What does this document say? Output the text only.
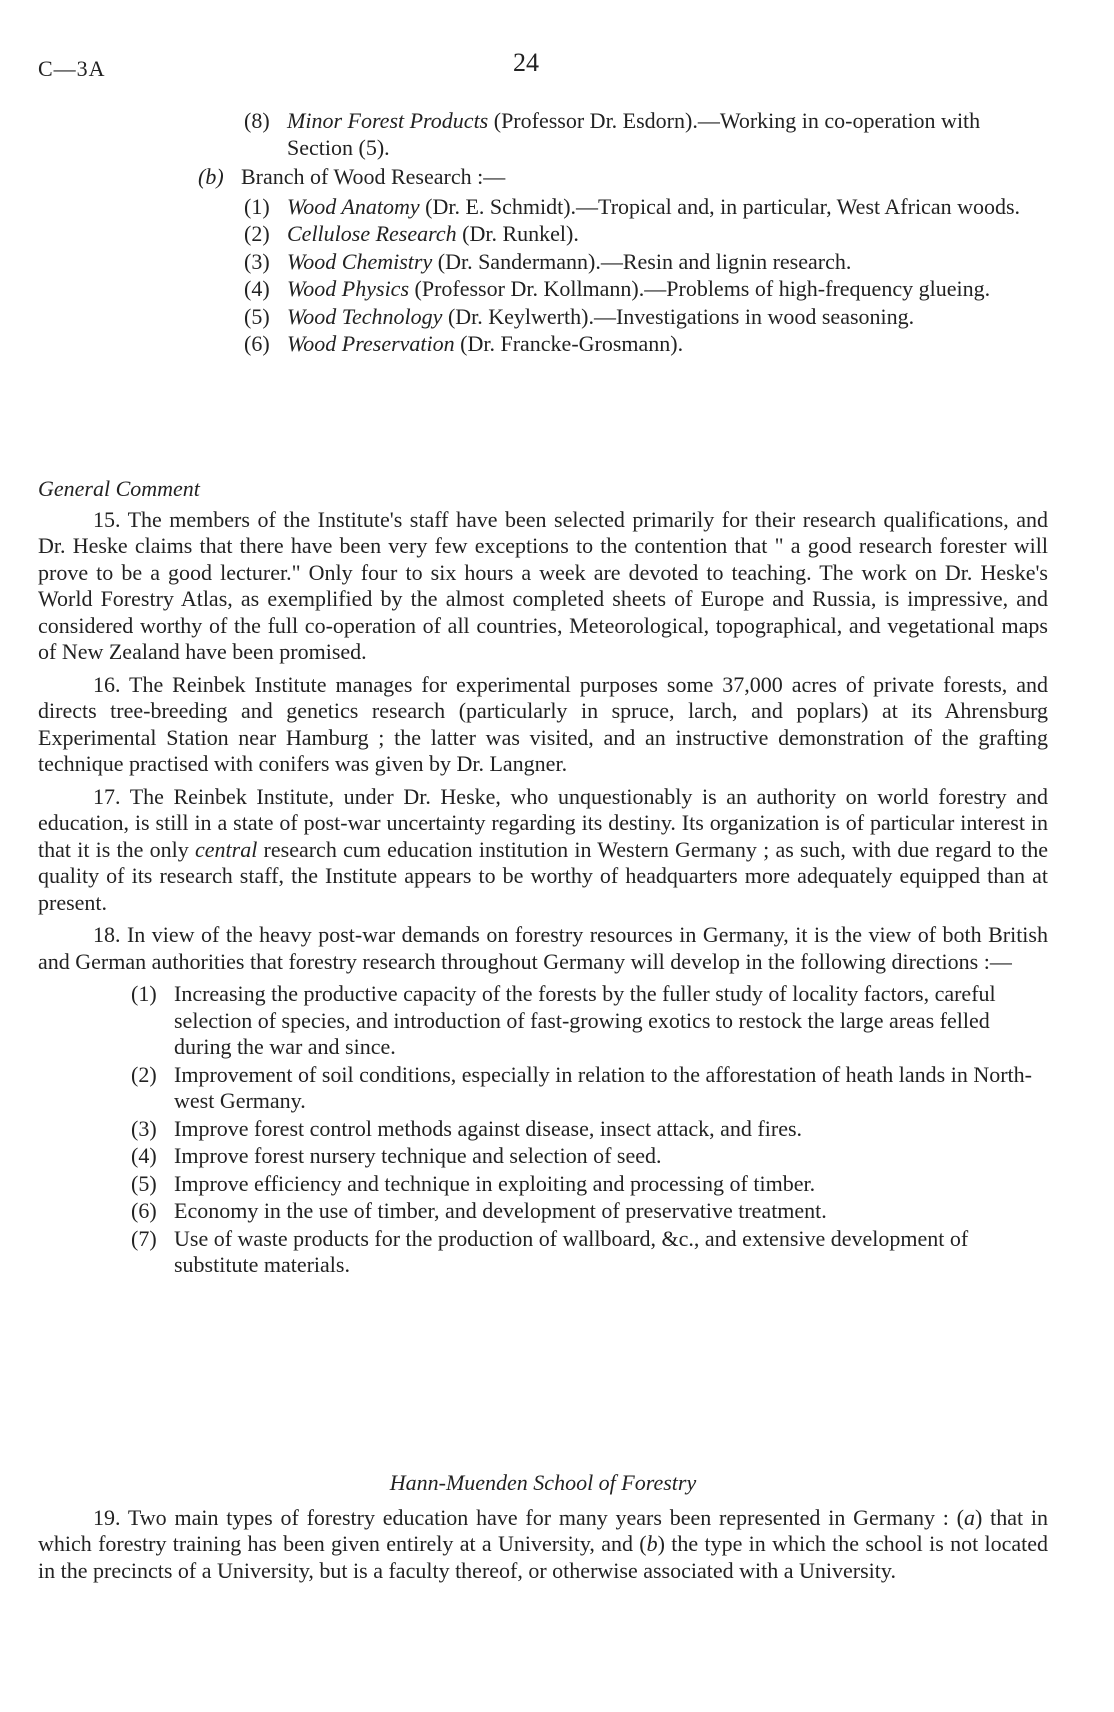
C—3A	24
(8) Minor Forest Products (Professor Dr. Esdorn).—Working in co-operation with Section (5).
(b) Branch of Wood Research :—
(1) Wood Anatomy (Dr. E. Schmidt).—Tropical and, in particular, West African woods.
(2) Cellulose Research (Dr. Runkel).
(3) Wood Chemistry (Dr. Sandermann).—Resin and lignin research.
(4) Wood Physics (Professor Dr. Kollmann).—Problems of high-frequency glueing.
(5) Wood Technology (Dr. Keylwerth).—Investigations in wood seasoning.
(6) Wood Preservation (Dr. Francke-Grosmann).

General Comment

15. The members of the Institute's staff have been selected primarily for their research qualifications, and Dr. Heske claims that there have been very few exceptions to the contention that " a good research forester will prove to be a good lecturer." Only four to six hours a week are devoted to teaching. The work on Dr. Heske's World Forestry Atlas, as exemplified by the almost completed sheets of Europe and Russia, is impressive, and considered worthy of the full co-operation of all countries, Meteorological, topographical, and vegetational maps of New Zealand have been promised.

16. The Reinbek Institute manages for experimental purposes some 37,000 acres of private forests, and directs tree-breeding and genetics research (particularly in spruce, larch, and poplars) at its Ahrensburg Experimental Station near Hamburg ; the latter was visited, and an instructive demonstration of the grafting technique practised with conifers was given by Dr. Langner.

17. The Reinbek Institute, under Dr. Heske, who unquestionably is an authority on world forestry and education, is still in a state of post-war uncertainty regarding its destiny. Its organization is of particular interest in that it is the only central research cum education institution in Western Germany ; as such, with due regard to the quality of its research staff, the Institute appears to be worthy of headquarters more adequately equipped than at present.

18. In view of the heavy post-war demands on forestry resources in Germany, it is the view of both British and German authorities that forestry research throughout Germany will develop in the following directions :—

(1) Increasing the productive capacity of the forests by the fuller study of locality factors, careful selection of species, and introduction of fast-growing exotics to restock the large areas felled during the war and since.
(2) Improvement of soil conditions, especially in relation to the afforestation of heath lands in North-west Germany.
(3) Improve forest control methods against disease, insect attack, and fires.
(4) Improve forest nursery technique and selection of seed.
(5) Improve efficiency and technique in exploiting and processing of timber.
(6) Economy in the use of timber, and development of preservative treatment.
(7) Use of waste products for the production of wallboard, &c., and extensive development of substitute materials.

Hann-Muenden School of Forestry

19. Two main types of forestry education have for many years been represented in Germany : (a) that in which forestry training has been given entirely at a University, and (b) the type in which the school is not located in the precincts of a University, but is a faculty thereof, or otherwise associated with a University.
